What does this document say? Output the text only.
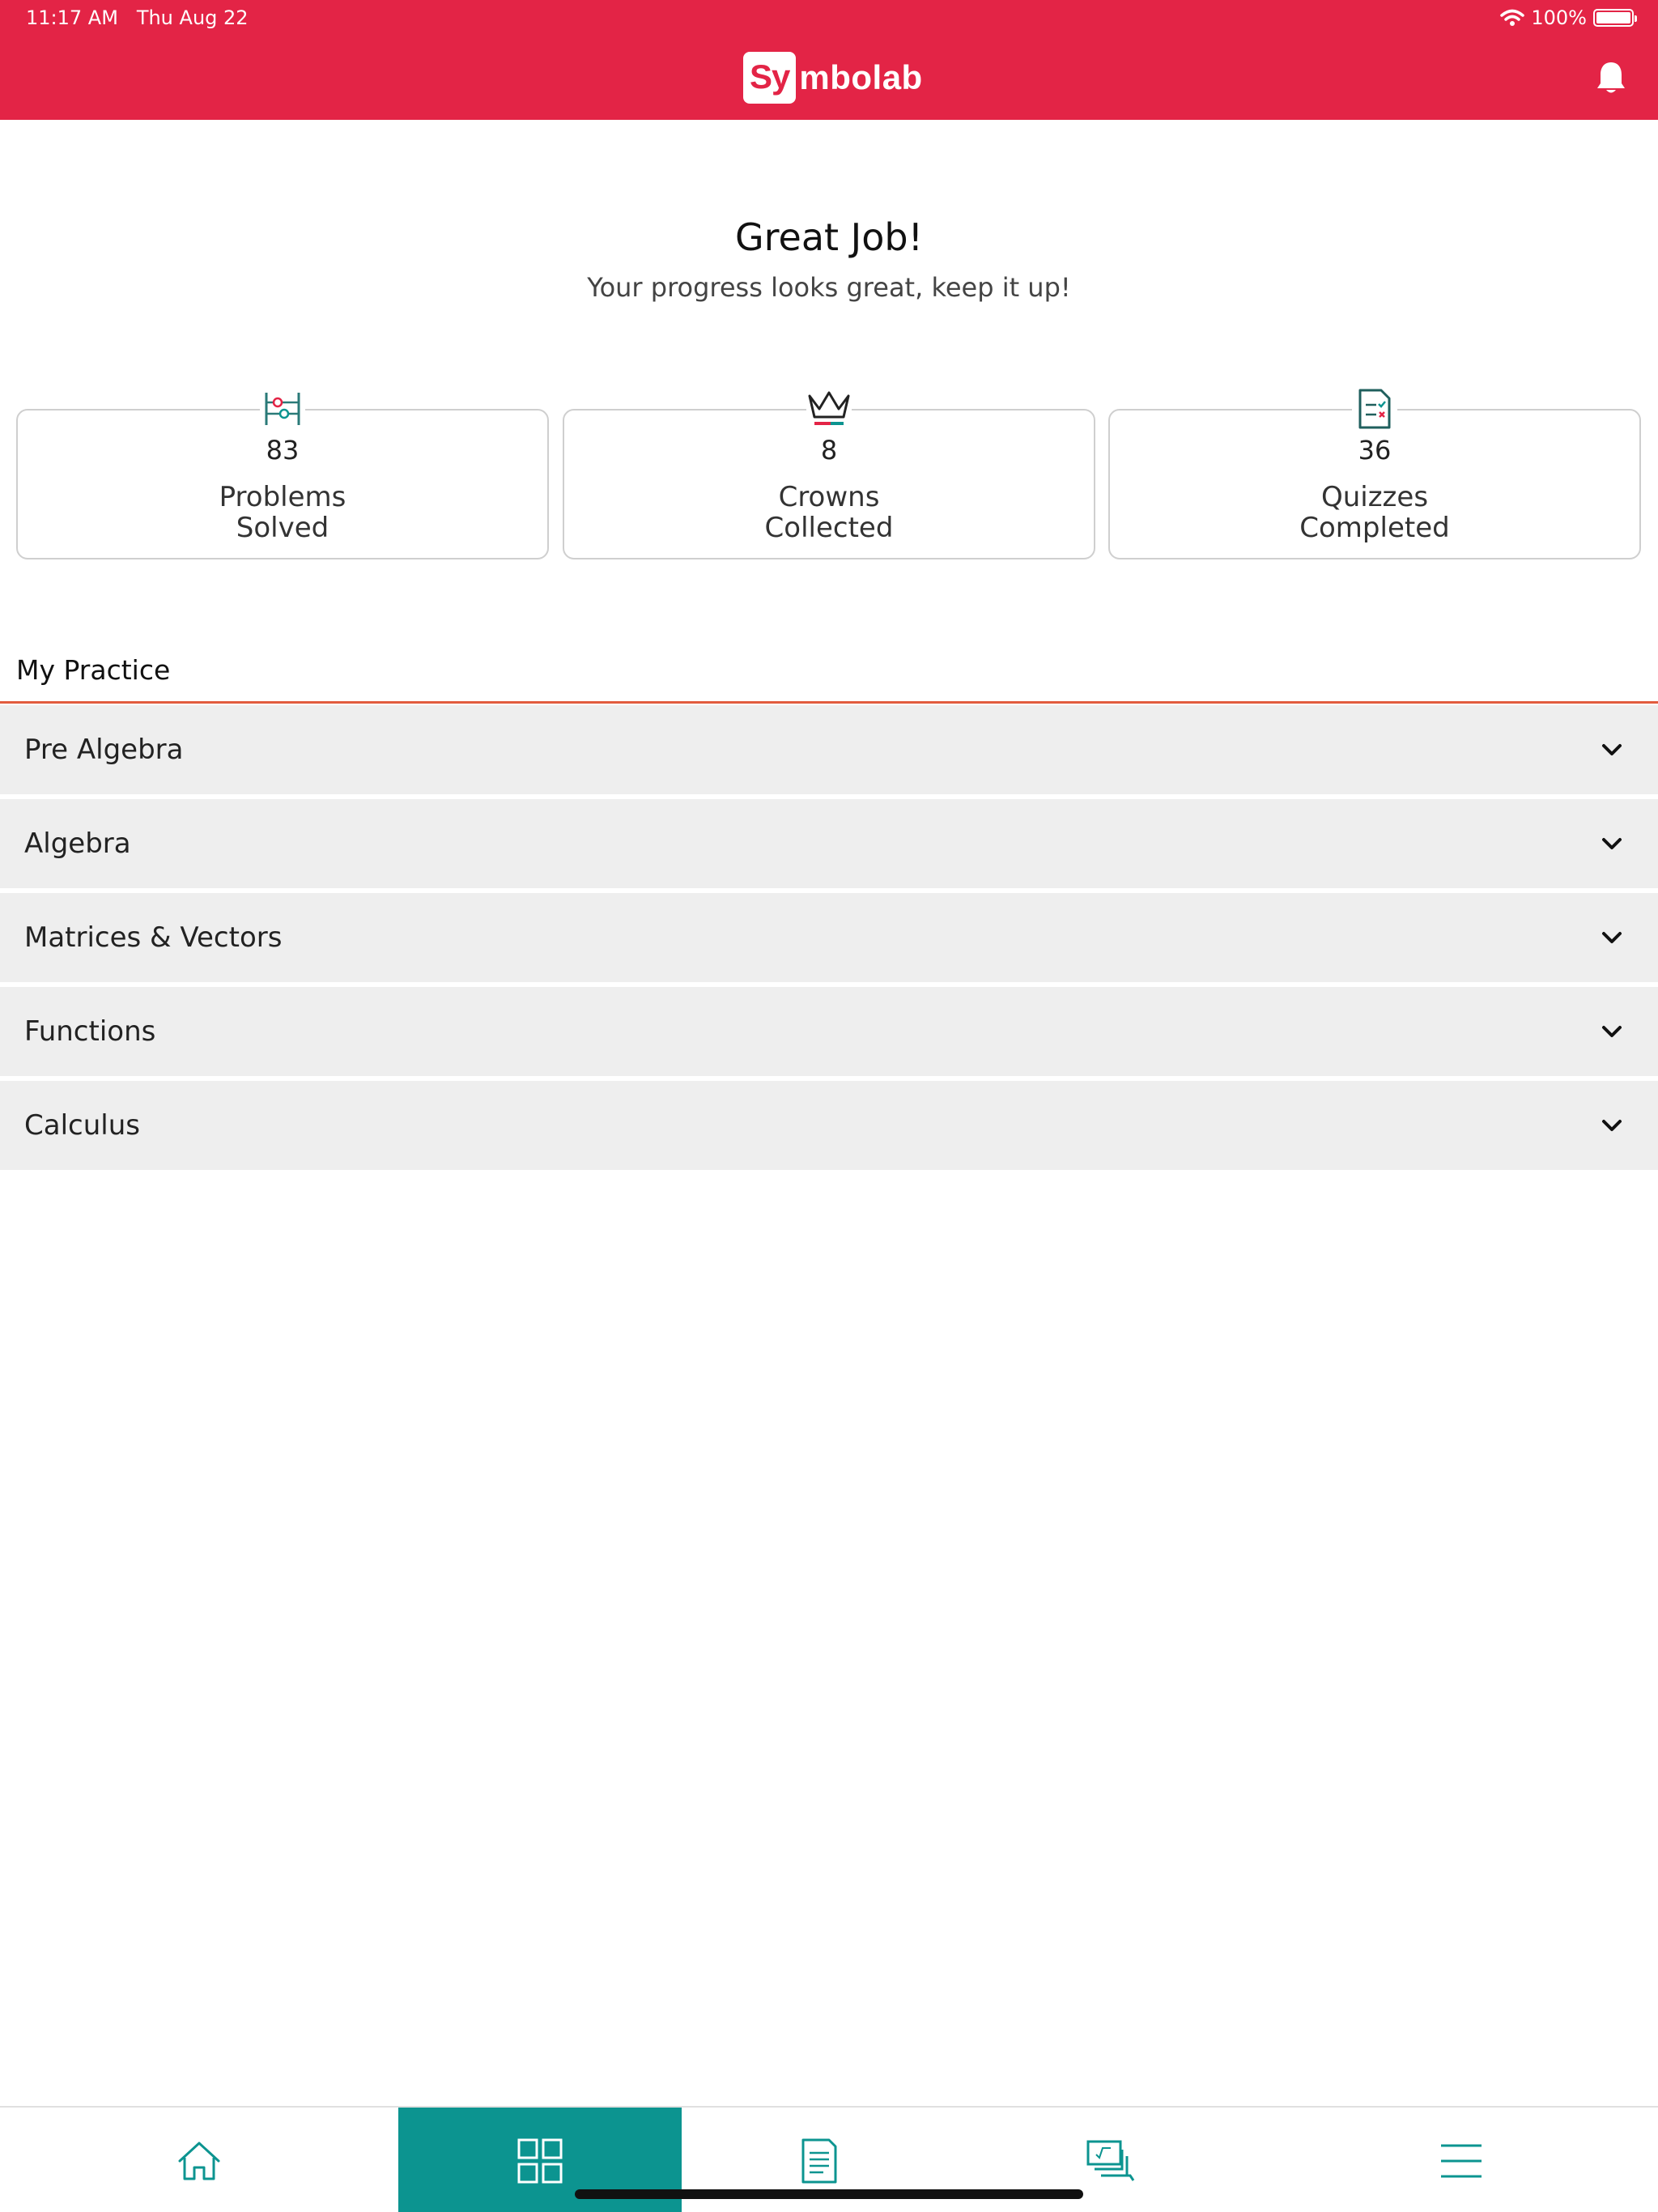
11:17 AM Thu Aug 22	100%
Sy mbolab
Great Job!
Your progress looks great, keep it up!
83
Problems
Solved
8
Crowns
Collected
36
Quizzes
Completed
My Practice
Pre Algebra
Algebra
Matrices & Vectors
Functions
Calculus
